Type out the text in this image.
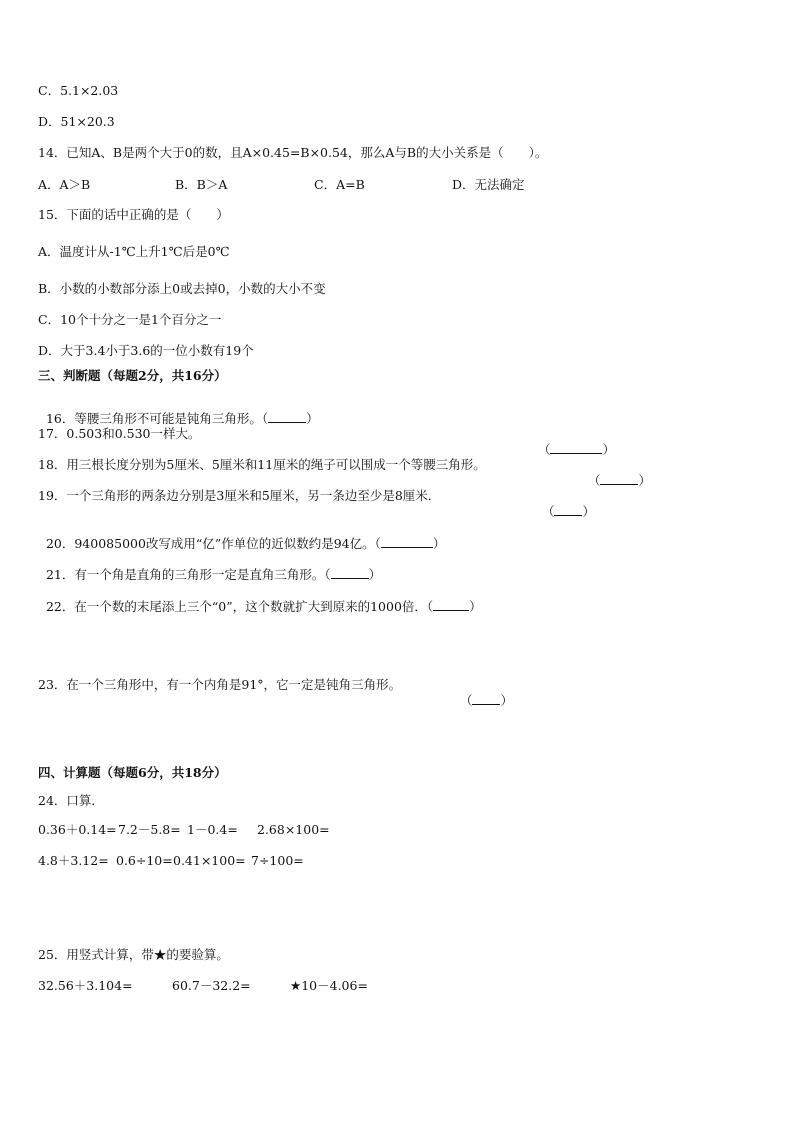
C．5.1×2.03
D．51×20.3
14．已知A、B是两个大于0的数，且A×0.45=B×0.54，那么A与B的大小关系是（　　）。
A．A＞B	B．B＞A	C．A=B	D．无法确定
15．下面的话中正确的是（　　）
A．温度计从-1℃上升1℃后是0℃
B．小数的小数部分添上0或去掉0，小数的大小不变
C．10个十分之一是1个百分之一
D．大于3.4小于3.6的一位小数有19个
三、判断题（每题2分，共16分）

16．等腰三角形不可能是钝角三角形。（	）

17．0.503和0.530一样大。

（	）

18．用三根长度分别为5厘米、5厘米和11厘米的绳子可以围成一个等腰三角形。

（	）

19．一个三角形的两条边分别是3厘米和5厘米，另一条边至少是8厘米．

（ ）

20．940085000改写成用“亿”作单位的近似数约是94亿。（	）

21．有一个角是直角的三角形一定是直角三角形。（	）

22．在一个数的末尾添上三个“0”，这个数就扩大到原来的1000倍．（	）

23．在一个三角形中，有一个内角是91°，它一定是钝角三角形。

（ ）

四、计算题（每题6分，共18分）
24．口算．
0.36＋0.14= 7.2－5.8= 1－0.4= 2.68×100=
4.8＋3.12= 0.6÷10= 0.41×100= 7÷100=
25．用竖式计算，带★的要验算。
32.56＋3.104=	60.7－32.2=	★10－4.06=
